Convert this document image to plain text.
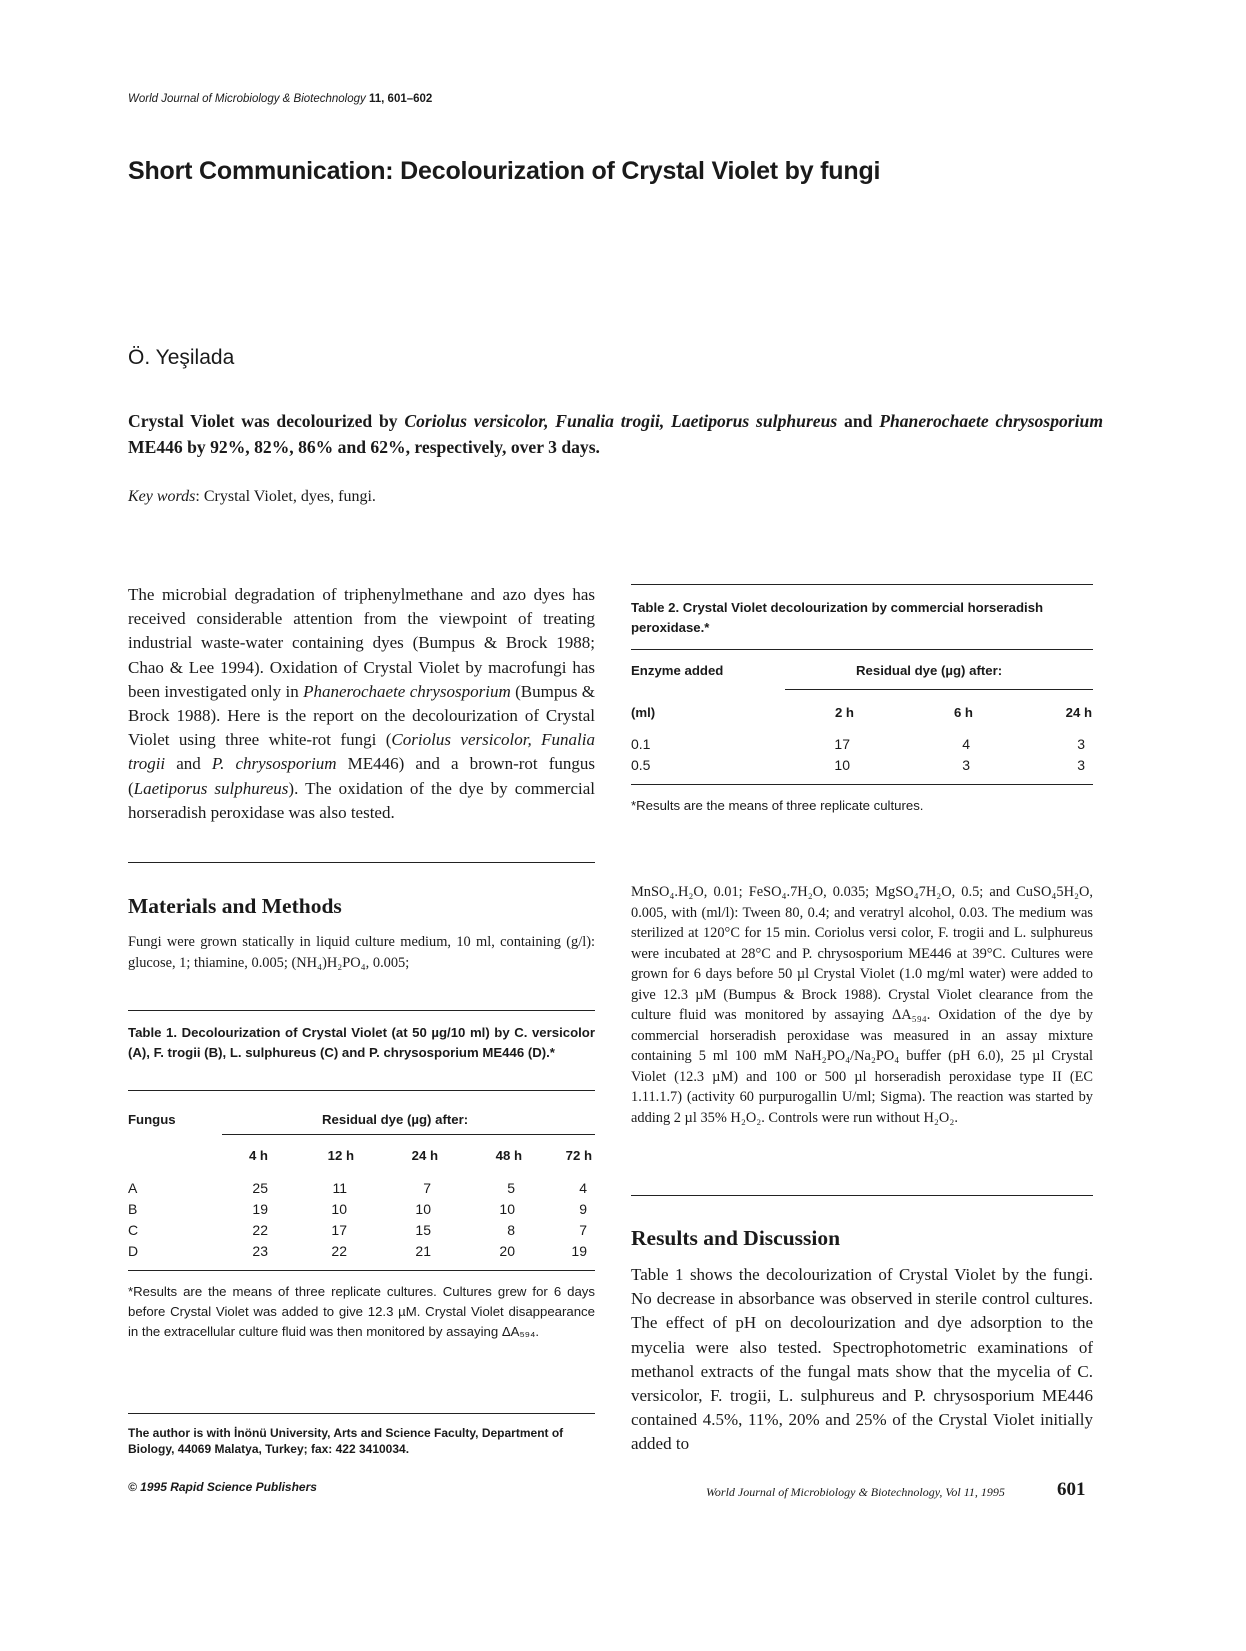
World Journal of Microbiology & Biotechnology 11, 601–602
Short Communication: Decolourization of Crystal Violet by fungi
Ö. Yeşilada
Crystal Violet was decolourized by Coriolus versicolor, Funalia trogii, Laetiporus sulphureus and Phanerochaete chrysosporium ME446 by 92%, 82%, 86% and 62%, respectively, over 3 days.
Key words: Crystal Violet, dyes, fungi.
The microbial degradation of triphenylmethane and azo dyes has received considerable attention from the viewpoint of treating industrial waste-water containing dyes (Bumpus & Brock 1988; Chao & Lee 1994). Oxidation of Crystal Violet by macrofungi has been investigated only in Phanerochaete chrysosporium (Bumpus & Brock 1988). Here is the report on the decolourization of Crystal Violet using three white-rot fungi (Coriolus versicolor, Funalia trogii and P. chrysosporium ME446) and a brown-rot fungus (Laetiporus sulphureus). The oxidation of the dye by commercial horseradish peroxidase was also tested.
Materials and Methods
Fungi were grown statically in liquid culture medium, 10 ml, containing (g/l): glucose, 1; thiamine, 0.005; (NH₄)H₂PO₄, 0.005;
Table 1. Decolourization of Crystal Violet (at 50 µg/10 ml) by C. versicolor (A), F. trogii (B), L. sulphureus (C) and P. chrysosporium ME446 (D).*
Fungus	Residual dye (µg) after:
4 h	12 h	24 h	48 h	72 h
A	25	11	7	5	4
B	19	10	10	10	9
C	22	17	15	8	7
D	23	22	21	20	19
*Results are the means of three replicate cultures. Cultures grew for 6 days before Crystal Violet was added to give 12.3 µM. Crystal Violet disappearance in the extracellular culture fluid was then monitored by assaying ΔA₅₉₄.
The author is with İnönü University, Arts and Science Faculty, Department of Biology, 44069 Malatya, Turkey; fax: 422 3410034.
© 1995 Rapid Science Publishers
Table 2. Crystal Violet decolourization by commercial horseradish peroxidase.*
Enzyme added	Residual dye (µg) after:
(ml)	2 h	6 h	24 h
0.1	17	4	3
0.5	10	3	3
*Results are the means of three replicate cultures.
MnSO₄.H₂O, 0.01; FeSO₄.7H₂O, 0.035; MgSO₄7H₂O, 0.5; and CuSO₄5H₂O, 0.005, with (ml/l): Tween 80, 0.4; and veratryl alcohol, 0.03. The medium was sterilized at 120°C for 15 min. Coriolus versi color, F. trogii and L. sulphureus were incubated at 28°C and P. chrysosporium ME446 at 39°C. Cultures were grown for 6 days before 50 µl Crystal Violet (1.0 mg/ml water) were added to give 12.3 µM (Bumpus & Brock 1988). Crystal Violet clearance from the culture fluid was monitored by assaying ΔA₅₉₄. Oxidation of the dye by commercial horseradish peroxidase was measured in an assay mixture containing 5 ml 100 mM NaH₂PO₄/Na₂PO₄ buffer (pH 6.0), 25 µl Crystal Violet (12.3 µM) and 100 or 500 µl horseradish peroxidase type II (EC 1.11.1.7) (activity 60 purpurogallin U/ml; Sigma). The reaction was started by adding 2 µl 35% H₂O₂. Controls were run without H₂O₂.
Results and Discussion
Table 1 shows the decolourization of Crystal Violet by the fungi. No decrease in absorbance was observed in sterile control cultures. The effect of pH on decolourization and dye adsorption to the mycelia were also tested. Spectrophotometric examinations of methanol extracts of the fungal mats show that the mycelia of C. versicolor, F. trogii, L. sulphureus and P. chrysosporium ME446 contained 4.5%, 11%, 20% and 25% of the Crystal Violet initially added to
World Journal of Microbiology & Biotechnology, Vol 11, 1995	601
